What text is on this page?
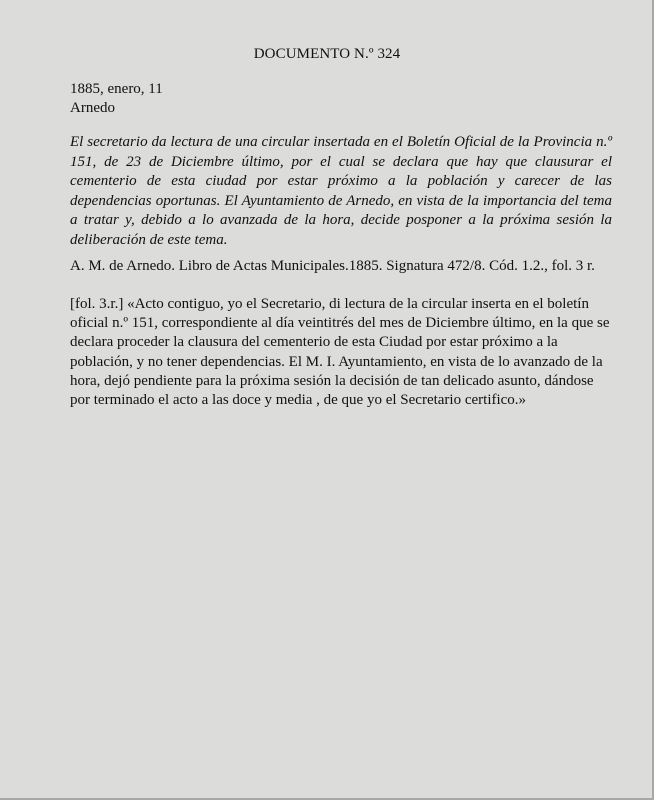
DOCUMENTO N.º 324
1885, enero, 11
Arnedo

El secretario da lectura de una circular insertada en el Boletín Oficial de la Provincia n.º 151, de 23 de Diciembre último, por el cual se declara que hay que clausurar el cementerio de esta ciudad por estar próximo a la población y carecer de las dependencias oportunas. El Ayuntamiento de Arnedo, en vista de la importancia del tema a tratar y, debido a lo avanzada de la hora, decide posponer a la próxima sesión la deliberación de este tema.

A. M. de Arnedo. Libro de Actas Municipales.1885. Signatura 472/8. Cód. 1.2., fol. 3 r.

[fol. 3.r.] «Acto contiguo, yo el Secretario, di lectura de la circular inserta en el boletín oficial n.º 151, correspondiente al día veintitrés del mes de Diciembre último, en la que se declara proceder la clausura del cementerio de esta Ciudad por estar próximo a la población, y no tener dependencias. El M. I. Ayuntamiento, en vista de lo avanzado de la hora, dejó pendiente para la próxima sesión la decisión de tan delicado asunto, dándose por terminado el acto a las doce y media , de que yo el Secretario certifico.»
